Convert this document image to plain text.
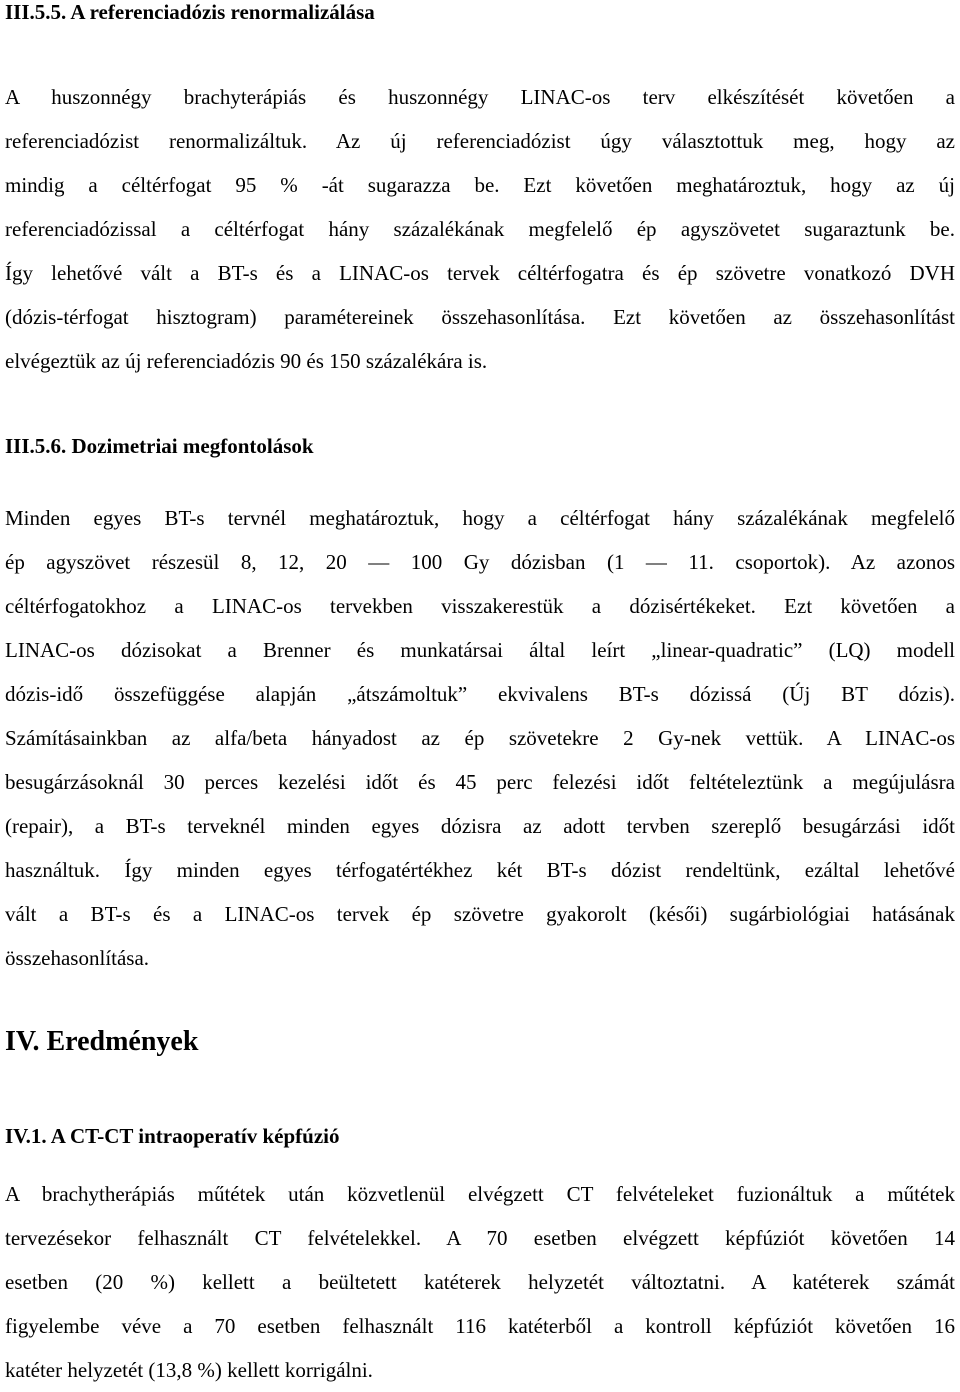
III.5.5. A referenciadózis renormalizálása
A huszonnégy brachyterápiás és huszonnégy LINAC-os terv elkészítését követően a
referenciadózist renormalizáltuk. Az új referenciadózist úgy választottuk meg, hogy az
mindig a céltérfogat 95 % -át sugarazza be. Ezt követően meghatároztuk, hogy az új
referenciadózissal a céltérfogat hány százalékának megfelelő ép agyszövetet sugaraztunk be.
Így lehetővé vált a BT-s és a LINAC-os tervek céltérfogatra és ép szövetre vonatkozó DVH
(dózis-térfogat hisztogram) paramétereinek összehasonlítása. Ezt követően az összehasonlítást
elvégeztük az új referenciadózis 90 és 150 százalékára is.
III.5.6. Dozimetriai megfontolások
Minden egyes BT-s tervnél meghatároztuk, hogy a céltérfogat hány százalékának megfelelő
ép agyszövet részesül 8, 12, 20 — 100 Gy dózisban (1 — 11. csoportok). Az azonos
céltérfogatokhoz a LINAC-os tervekben visszakerestük a dózisértékeket. Ezt követően a
LINAC-os dózisokat a Brenner és munkatársai által leírt „linear-quadratic” (LQ) modell
dózis-idő összefüggése alapján „átszámoltuk” ekvivalens BT-s dózissá (Új BT dózis).
Számításainkban az alfa/beta hányadost az ép szövetekre 2 Gy-nek vettük. A LINAC-os
besugárzásoknál 30 perces kezelési időt és 45 perc felezési időt feltételeztünk a megújulásra
(repair), a BT-s terveknél minden egyes dózisra az adott tervben szereplő besugárzási időt
használtuk. Így minden egyes térfogatértékhez két BT-s dózist rendeltünk, ezáltal lehetővé
vált a BT-s és a LINAC-os tervek ép szövetre gyakorolt (késői) sugárbiológiai hatásának
összehasonlítása.
IV. Eredmények
IV.1. A CT-CT intraoperatív képfúzió
A brachytherápiás műtétek után közvetlenül elvégzett CT felvételeket fuzionáltuk a műtétek
tervezésekor felhasznált CT felvételekkel. A 70 esetben elvégzett képfúziót követően 14
esetben (20 %) kellett a beültetett katéterek helyzetét változtatni. A katéterek számát
figyelembe véve a 70 esetben felhasznált 116 katéterből a kontroll képfúziót követően 16
katéter helyzetét (13,8 %) kellett korrigálni.
